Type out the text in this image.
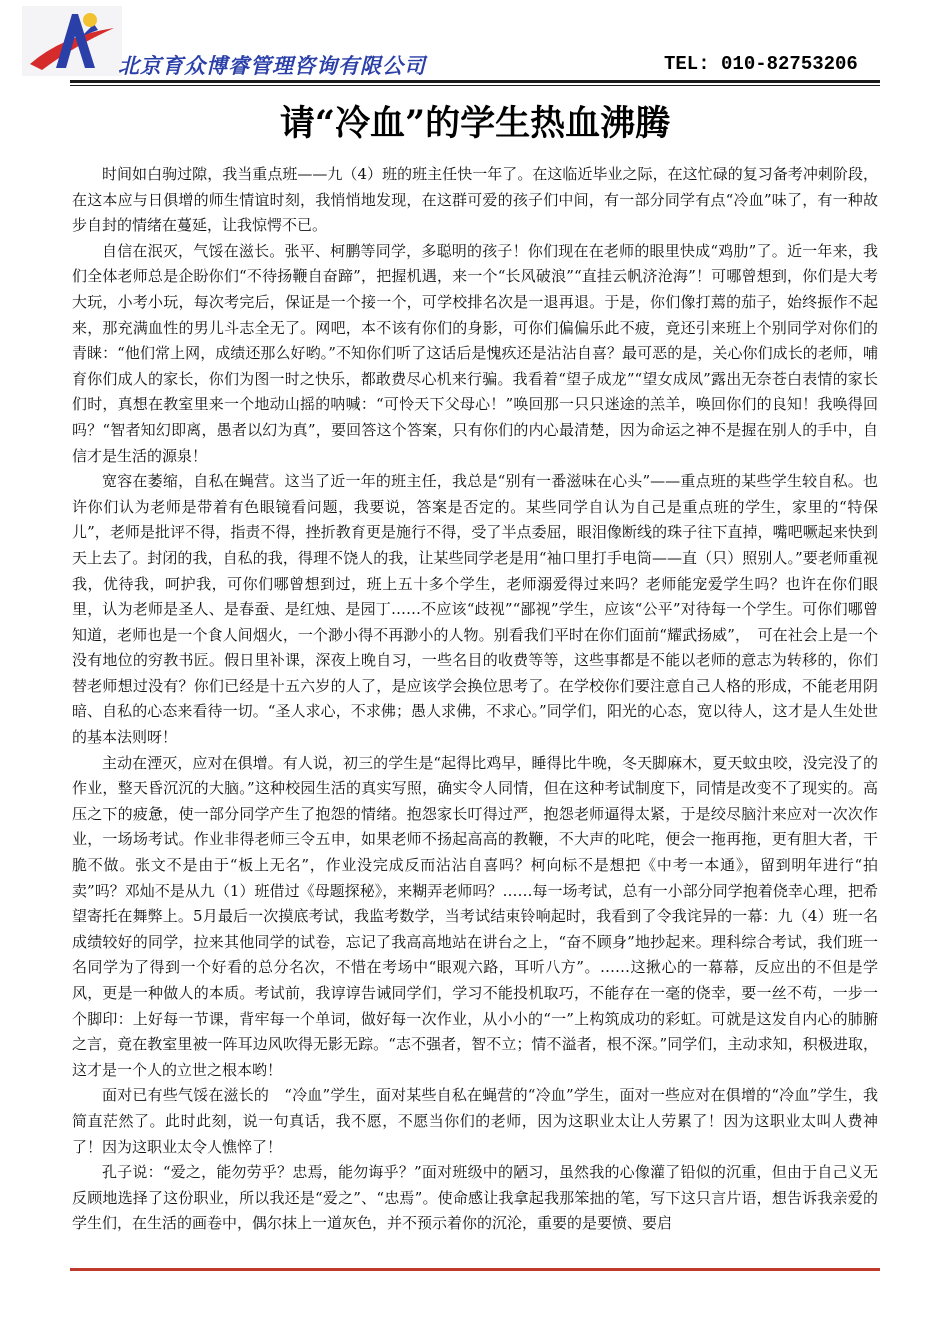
北京育众博睿管理咨询有限公司	TEL: 010-82753206
请“冷血”的学生热血沸腾

时间如白驹过隙，我当重点班——九（4）班的班主任快一年了。在这临近毕业之际，在这忙碌的复习备考冲刺阶段，在这本应与日俱增的师生情谊时刻，我悄悄地发现，在这群可爱的孩子们中间，有一部分同学有点“冷血”味了，有一种故步自封的情绪在蔓延，让我惊愕不已。

自信在泯灭，气馁在滋长。张平、柯鹏等同学，多聪明的孩子！你们现在在老师的眼里快成“鸡肋”了。近一年来，我们全体老师总是企盼你们“不待扬鞭自奋蹄”，把握机遇，来一个“长风破浪”“直挂云帆济沧海”！可哪曾想到，你们是大考大玩，小考小玩，每次考完后，保证是一个接一个，可学校排名次是一退再退。于是，你们像打蔫的茄子，始终振作不起来，那充满血性的男儿斗志全无了。网吧，本不该有你们的身影，可你们偏偏乐此不疲，竟还引来班上个别同学对你们的青睐：“他们常上网，成绩还那么好哟。”不知你们听了这话后是愧疚还是沾沾自喜？最可恶的是，关心你们成长的老师，哺育你们成人的家长，你们为图一时之快乐，都敢费尽心机来行骗。我看着“望子成龙”“望女成凤”露出无奈苍白表情的家长们时，真想在教室里来一个地动山摇的呐喊：“可怜天下父母心！”唤回那一只只迷途的羔羊，唤回你们的良知！我唤得回吗？“智者知幻即离，愚者以幻为真”，要回答这个答案，只有你们的内心最清楚，因为命运之神不是握在别人的手中，自信才是生活的源泉！

宽容在萎缩，自私在蝇营。这当了近一年的班主任，我总是“别有一番滋味在心头”——重点班的某些学生较自私。也许你们认为老师是带着有色眼镜看问题，我要说，答案是否定的。某些同学自认为自己是重点班的学生，家里的“特保儿”，老师是批评不得，指责不得，挫折教育更是施行不得，受了半点委屈，眼泪像断线的珠子往下直掉，嘴吧噘起来快到天上去了。封闭的我，自私的我，得理不饶人的我，让某些同学老是用“袖口里打手电筒——直（只）照别人。”要老师重视我，优待我，呵护我，可你们哪曾想到过，班上五十多个学生，老师溺爱得过来吗？老师能宠爱学生吗？也许在你们眼里，认为老师是圣人、是春蚕、是红烛、是园丁……不应该“歧视”“鄙视”学生，应该“公平”对待每一个学生。可你们哪曾知道，老师也是一个食人间烟火，一个渺小得不再渺小的人物。别看我们平时在你们面前“耀武扬威”，　可在社会上是一个没有地位的穷教书匠。假日里补课，深夜上晚自习，一些名目的收费等等，这些事都是不能以老师的意志为转移的，你们替老师想过没有？你们已经是十五六岁的人了，是应该学会换位思考了。在学校你们要注意自己人格的形成，不能老用阴暗、自私的心态来看待一切。“圣人求心，不求佛；愚人求佛，不求心。”同学们，阳光的心态，宽以待人，这才是人生处世的基本法则呀！

主动在湮灭，应对在俱增。有人说，初三的学生是“起得比鸡早，睡得比牛晚，冬天脚麻木，夏天蚊虫咬，没完没了的作业，整天昏沉沉的大脑。”这种校园生活的真实写照，确实令人同情，但在这种考试制度下，同情是改变不了现实的。高压之下的疲惫，使一部分同学产生了抱怨的情绪。抱怨家长叮得过严，抱怨老师逼得太紧，于是绞尽脑汁来应对一次次作业，一场场考试。作业非得老师三令五申，如果老师不扬起高高的教鞭，不大声的叱咤，便会一拖再拖，更有胆大者，干脆不做。张文不是由于“板上无名”，作业没完成反而沾沾自喜吗？柯向标不是想把《中考一本通》，留到明年进行“拍卖”吗？邓灿不是从九（1）班借过《母题探秘》，来糊弄老师吗？……每一场考试，总有一小部分同学抱着侥幸心理，把希望寄托在舞弊上。5月最后一次摸底考试，我监考数学，当考试结束铃响起时，我看到了令我诧异的一幕：九（4）班一名成绩较好的同学，拉来其他同学的试卷，忘记了我高高地站在讲台之上，“奋不顾身”地抄起来。理科综合考试，我们班一名同学为了得到一个好看的总分名次，不惜在考场中“眼观六路，耳听八方”。……这揪心的一幕幕，反应出的不但是学风，更是一种做人的本质。考试前，我谆谆告诫同学们，学习不能投机取巧，不能存在一毫的侥幸，要一丝不苟，一步一个脚印：上好每一节课，背牢每一个单词，做好每一次作业，从小小的“一”上构筑成功的彩虹。可就是这发自内心的肺腑之言，竟在教室里被一阵耳边风吹得无影无踪。“志不强者，智不立；情不溢者，根不深。”同学们，主动求知，积极进取，这才是一个人的立世之根本哟！

面对已有些气馁在滋长的　“冷血”学生，面对某些自私在蝇营的“冷血”学生，面对一些应对在俱增的“冷血”学生，我简直茫然了。此时此刻，说一句真话，我不愿，不愿当你们的老师，因为这职业太让人劳累了！因为这职业太叫人费神了！因为这职业太令人憔悴了！

孔子说：“爱之，能勿劳乎？忠焉，能勿诲乎？”面对班级中的陋习，虽然我的心像灌了铅似的沉重，但由于自己义无反顾地选择了这份职业，所以我还是“爱之”、“忠焉”。使命感让我拿起我那笨拙的笔，写下这只言片语，想告诉我亲爱的学生们，在生活的画卷中，偶尔抹上一道灰色，并不预示着你的沉沦，重要的是要愤、要启
